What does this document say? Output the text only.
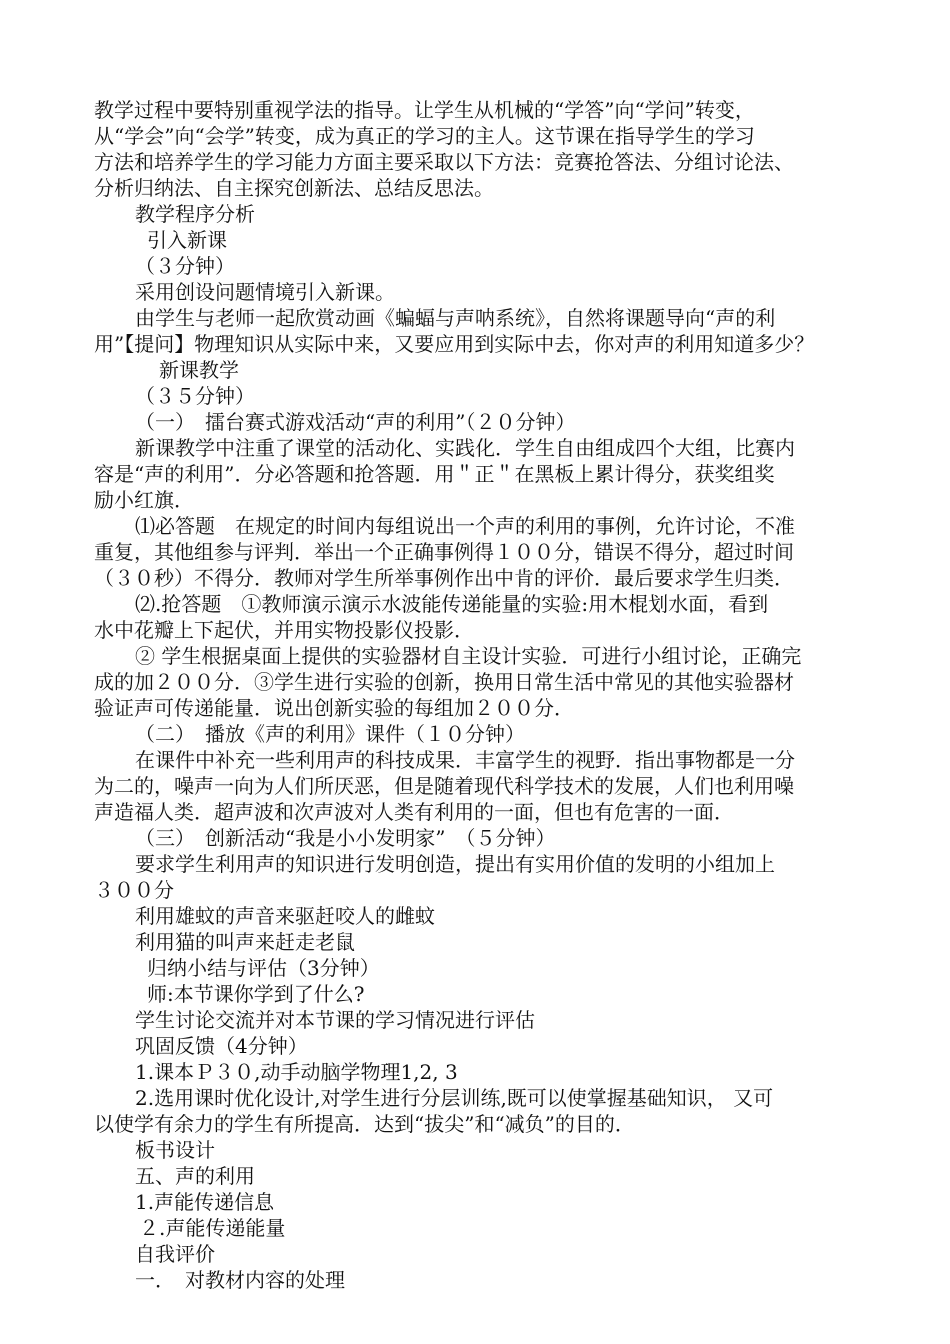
教学过程中要特别重视学法的指导。让学生从机械的“学答”向“学问”转变，
从“学会”向“会学”转变，成为真正的学习的主人。这节课在指导学生的学习
方法和培养学生的学习能力方面主要采取以下方法：竞赛抢答法、分组讨论法、
分析归纳法、自主探究创新法、总结反思法。
教学程序分析
引入新课
（３分钟）
采用创设问题情境引入新课。
由学生与老师一起欣赏动画《蝙蝠与声呐系统》，自然将课题导向“声的利
用”【提问】物理知识从实际中来，又要应用到实际中去，你对声的利用知道多少？
新课教学
（３５分钟）
（一）　擂台赛式游戏活动“声的利用”（２０分钟）
新课教学中注重了课堂的活动化、实践化．学生自由组成四个大组，比赛内
容是“声的利用”．分必答题和抢答题．用＂正＂在黑板上累计得分，获奖组奖
励小红旗．
⑴必答题　在规定的时间内每组说出一个声的利用的事例，允许讨论，不准
重复，其他组参与评判．举出一个正确事例得１００分，错误不得分，超过时间
（３０秒）不得分．教师对学生所举事例作出中肯的评价．最后要求学生归类．
⑵.抢答题　①教师演示演示水波能传递能量的实验:用木棍划水面，看到
水中花瓣上下起伏，并用实物投影仪投影．
② 学生根据桌面上提供的实验器材自主设计实验．可进行小组讨论，正确完
成的加２００分．③学生进行实验的创新，换用日常生活中常见的其他实验器材
验证声可传递能量．说出创新实验的每组加２００分．
（二）　播放《声的利用》课件（１０分钟）
在课件中补充一些利用声的科技成果．丰富学生的视野．指出事物都是一分
为二的，噪声一向为人们所厌恶，但是随着现代科学技术的发展，人们也利用噪
声造福人类．超声波和次声波对人类有利用的一面，但也有危害的一面．
（三）　创新活动“我是小小发明家”　（５分钟）
要求学生利用声的知识进行发明创造，提出有实用价值的发明的小组加上
３００分
利用雄蚊的声音来驱赶咬人的雌蚊
利用猫的叫声来赶走老鼠
归纳小结与评估（3分钟）
师:本节课你学到了什么?
学生讨论交流并对本节课的学习情况进行评估
巩固反馈（4分钟）
1.课本Ｐ３０,动手动脑学物理1,2, 3
2.选用课时优化设计,对学生进行分层训练,既可以使掌握基础知识， 又可
以使学有余力的学生有所提高．达到“拔尖”和“减负”的目的．
板书设计
五、声的利用
1.声能传递信息
２.声能传递能量
自我评价
一．　对教材内容的处理
